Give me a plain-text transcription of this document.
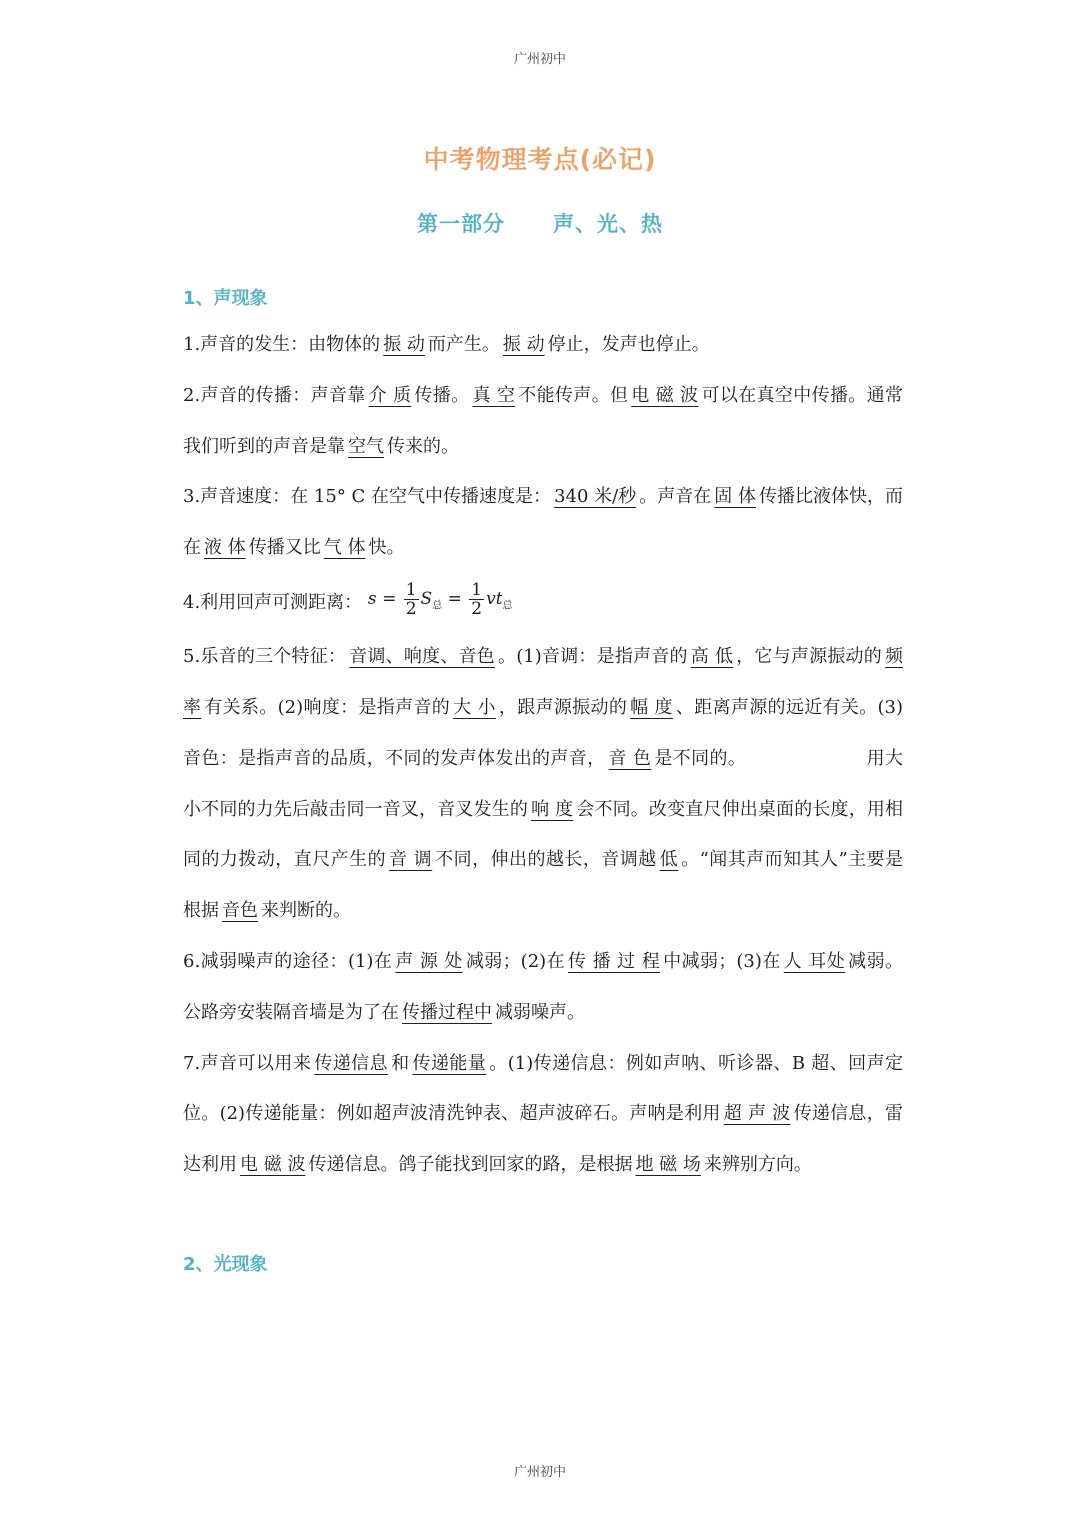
广州初中
中考物理考点(必记)
第一部分 声、光、热
1、声现象

1.声音的发生：由物体的 振 动 而产生。 振 动 停止，发声也停止。

2.声音的传播：声音靠 介 质 传播。 真 空 不能传声。但 电 磁 波 可以在真空中传播。通常我们听到的声音是靠 空气 传来的。

3.声音速度：在 15° C 在空气中传播速度是： 340 米/秒 。声音在 固 体 传播比液体快，而在 液 体 传播又比 气 体 快。

4.利用回声可测距离： $s = \frac{1}{2} S_总 = \frac{1}{2} vt_总$

5.乐音的三个特征： 音调、响度、音色 。(1)音调：是指声音的 高 低 ，它与声源振动的 频 率 有关系。(2)响度：是指声音的 大 小 ，跟声源振动的 幅 度 、距离声源的远近有关。(3)音色：是指声音的品质，不同的发声体发出的声音， 音 色 是不同的。	用大小不同的力先后敲击同一音叉，音叉发生的 响 度 会不同。改变直尺伸出桌面的长度，用相同的力拨动，直尺产生的 音 调 不同，伸出的越长，音调越 低 。“闻其声而知其人”主要是根据 音色 来判断的。

6.减弱噪声的途径：(1)在 声 源 处 减弱；(2)在 传 播 过 程 中减弱；(3)在 人 耳处 减弱。公路旁安装隔音墙是为了在 传播过程中 减弱噪声。

7.声音可以用来 传递信息 和 传递能量 。(1)传递信息：例如声呐、听诊器、B 超、回声定位。(2)传递能量：例如超声波清洗钟表、超声波碎石。声呐是利用 超 声 波 传递信息，雷达利用 电 磁 波 传递信息。鸽子能找到回家的路，是根据 地 磁 场 来辨别方向。

2、光现象
广州初中
